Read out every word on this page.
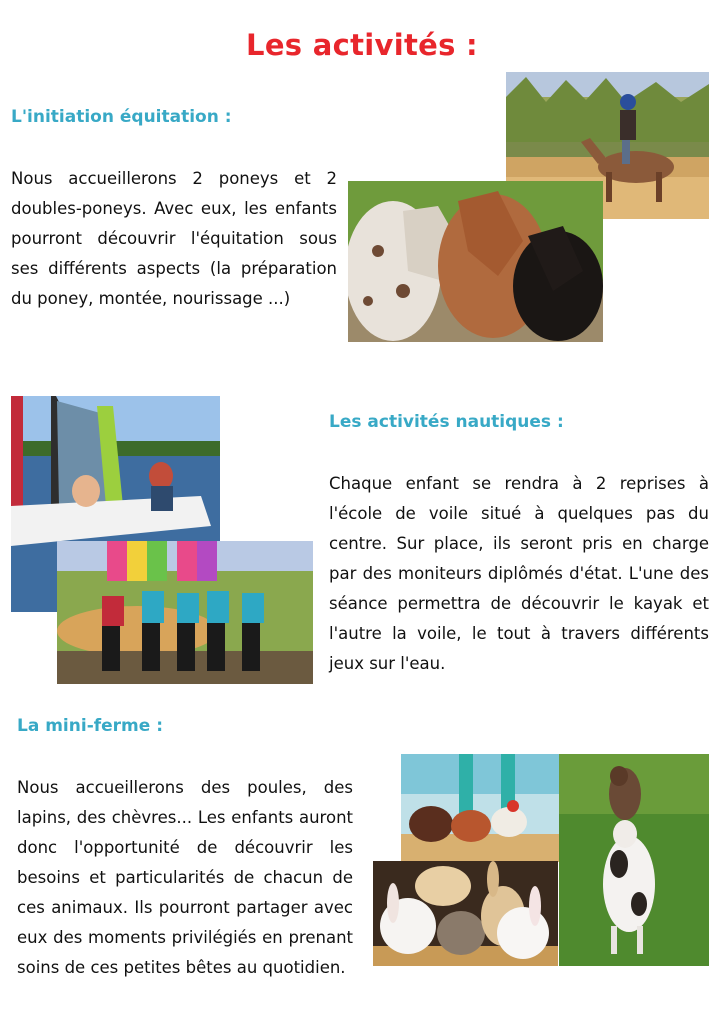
Les activités :
L'initiation équitation :
Nous accueillerons 2 poneys et 2 doubles-poneys. Avec eux, les enfants pourront découvrir l'équitation sous ses différents aspects (la préparation du poney, montée, nourissage ...)
Les activités nautiques :
Chaque enfant se rendra à 2 reprises à l'école de voile situé à quelques pas du centre. Sur place, ils seront pris en charge par des moniteurs diplômés d'état. L'une des séance permettra de découvrir le kayak et l'autre la voile, le tout à travers différents jeux sur l'eau.
La mini-ferme :
Nous accueillerons des poules, des lapins, des chèvres... Les enfants auront donc l'opportunité de découvrir les besoins et particularités de chacun de ces animaux. Ils pourront partager avec eux des moments privilégiés en prenant soins de ces petites bêtes au quotidien.
